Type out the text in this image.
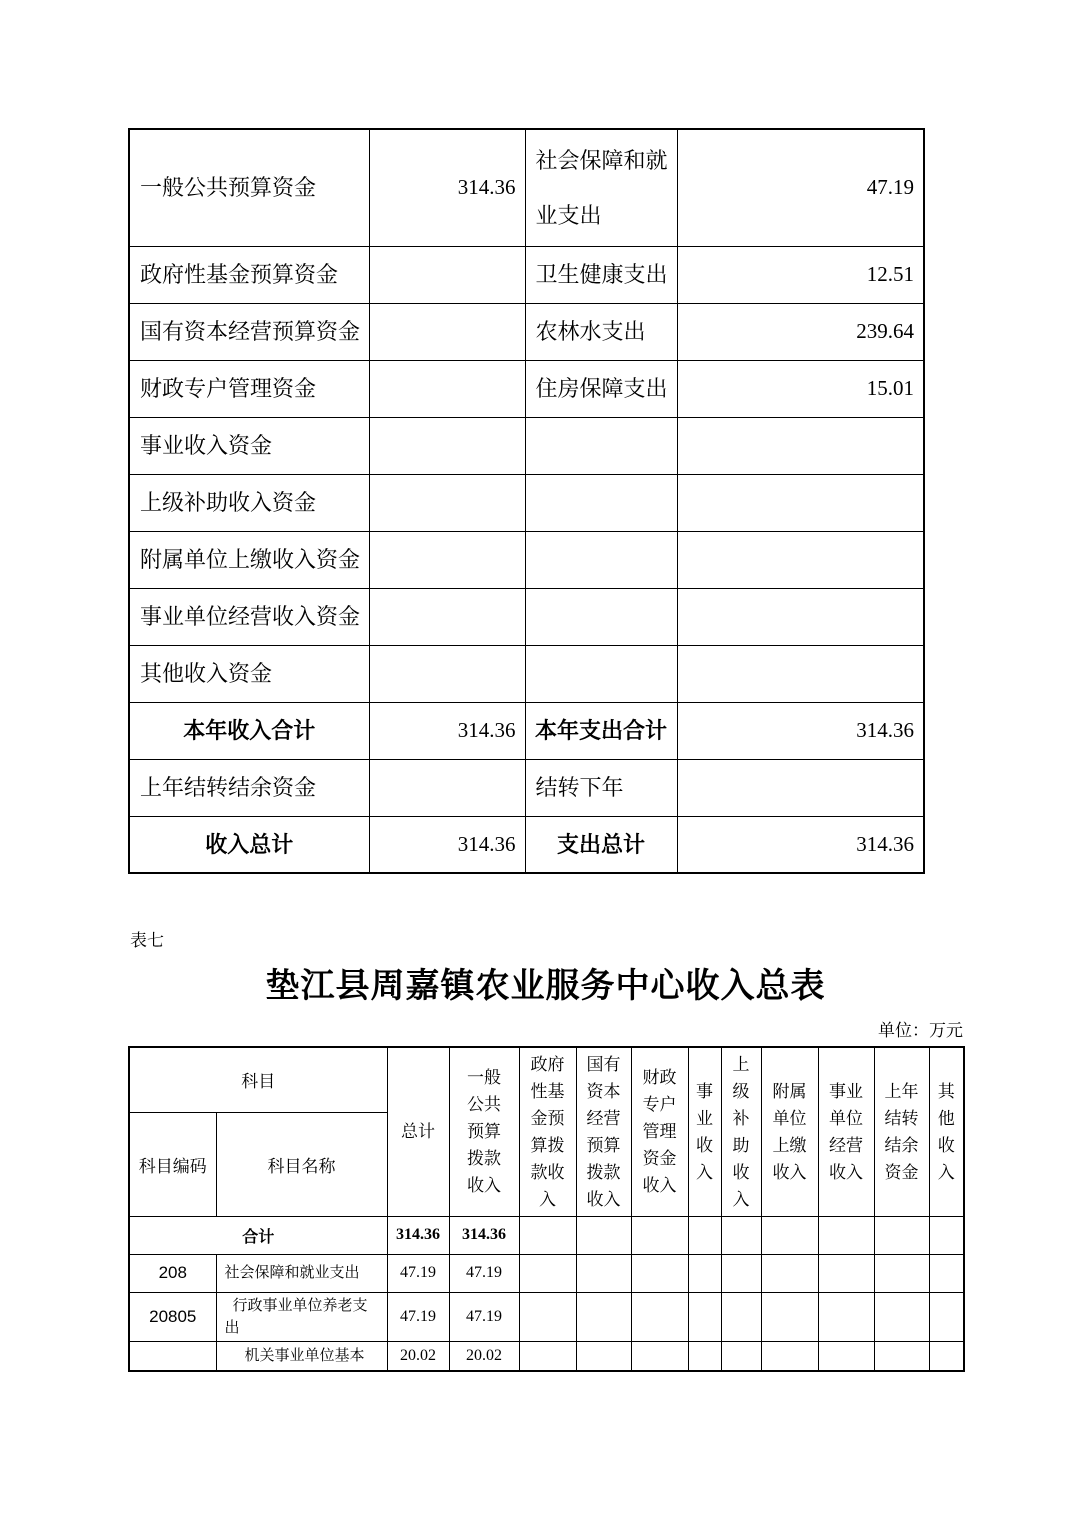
一般公共预算资金	314.36	社会保障和就业支出	47.19
政府性基金预算资金		卫生健康支出	12.51
国有资本经营预算资金		农林水支出	239.64
财政专户管理资金		住房保障支出	15.01
事业收入资金			
上级补助收入资金			
附属单位上缴收入资金			
事业单位经营收入资金			
其他收入资金			
本年收入合计	314.36	本年支出合计	314.36
上年结转结余资金		结转下年	
收入总计	314.36	支出总计	314.36
表七
垫江县周嘉镇农业服务中心收入总表
单位：万元
科目		总计	一般公共预算拨款收入	政府性基金预算拨款收入	国有资本经营预算拨款收入	财政专户管理资金收入	事业收入	上级补助收入	附属单位上缴收入	事业单位经营收入	上年结转结余资金	其他收入

科目编码	科目名称											
合计		314.36	314.36									
208	社会保障和就业支出	47.19	47.19									
20805	行政事业单位养老支出	47.19	47.19									
	机关事业单位基本	20.02	20.02									
